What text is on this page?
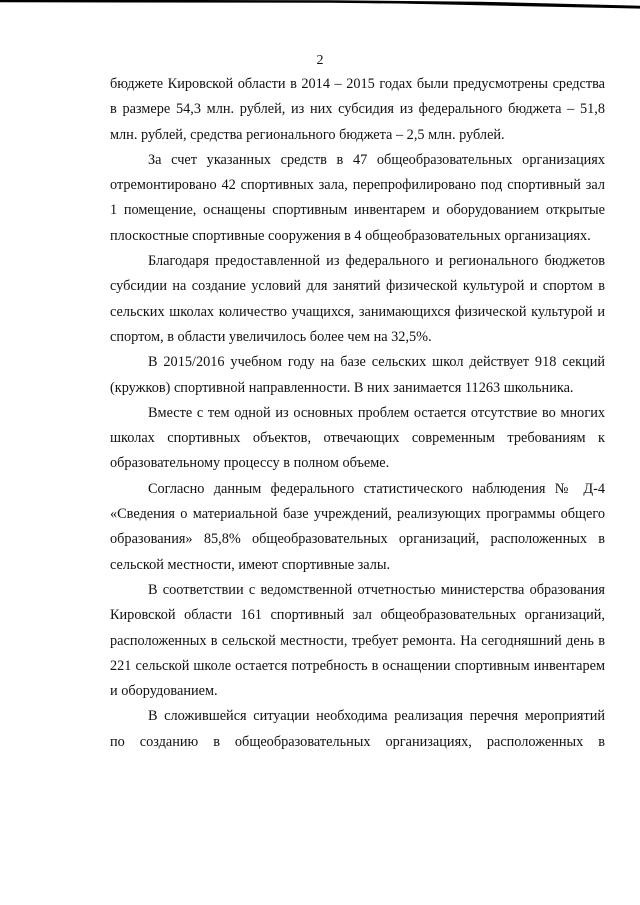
2

бюджете Кировской области в 2014 – 2015 годах были предусмотрены средства в размере 54,3 млн. рублей, из них субсидия из федерального бюджета – 51,8 млн. рублей, средства регионального бюджета – 2,5 млн. рублей.

За счет указанных средств в 47 общеобразовательных организациях отремонтировано 42 спортивных зала, перепрофилировано под спортивный зал 1 помещение, оснащены спортивным инвентарем и оборудованием открытые плоскостные спортивные сооружения в 4 общеобразовательных организациях.

Благодаря предоставленной из федерального и регионального бюджетов субсидии на создание условий для занятий физической культурой и спортом в сельских школах количество учащихся, занимающихся физической культурой и спортом, в области увеличилось более чем на 32,5%.

В 2015/2016 учебном году на базе сельских школ действует 918 секций (кружков) спортивной направленности. В них занимается 11263 школьника.

Вместе с тем одной из основных проблем остается отсутствие во многих школах спортивных объектов, отвечающих современным требованиям к образовательному процессу в полном объеме.

Согласно данным федерального статистического наблюдения № Д-4 «Сведения о материальной базе учреждений, реализующих программы общего образования» 85,8% общеобразовательных организаций, расположенных в сельской местности, имеют спортивные залы.

В соответствии с ведомственной отчетностью министерства образования Кировской области 161 спортивный зал общеобразовательных организаций, расположенных в сельской местности, требует ремонта. На сегодняшний день в 221 сельской школе остается потребность в оснащении спортивным инвентарем и оборудованием.

В сложившейся ситуации необходима реализация перечня мероприятий по созданию в общеобразовательных организациях, расположенных в
